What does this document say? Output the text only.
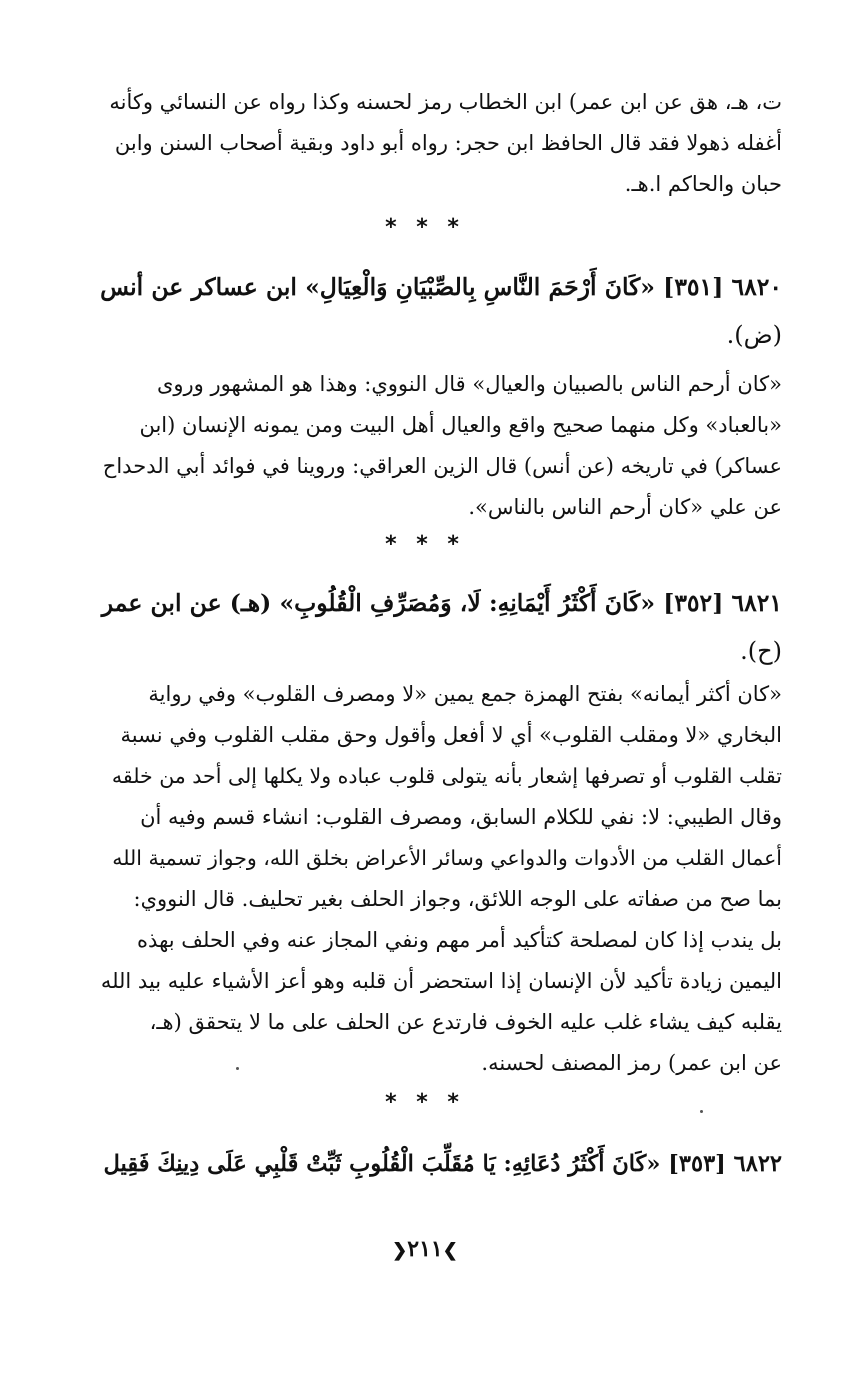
ت، هـ، هق عن ابن عمر) ابن الخطاب رمز لحسنه وكذا رواه عن النسائي وكأنه
أغفله ذهولا فقد قال الحافظ ابن حجر: رواه أبو داود وبقية أصحاب السنن وابن
حبان والحاكم ا.هـ.
* * *
٦٨٢٠ [٣٥١] «كَانَ أَرْحَمَ النَّاسِ بِالصِّبْيَانِ وَالْعِيَالِ» ابن عساكر عن أنس
(ض).
«كان أرحم الناس بالصبيان والعيال» قال النووي: وهذا هو المشهور وروى
«بالعباد» وكل منهما صحيح واقع والعيال أهل البيت ومن يمونه الإنسان (ابن
عساكر) في تاريخه (عن أنس) قال الزين العراقي: وروينا في فوائد أبي الدحداح
عن علي «كان أرحم الناس بالناس».
* * *
٦٨٢١ [٣٥٢] «كَانَ أَكْثَرُ أَيْمَانِهِ: لَا، وَمُصَرِّفِ الْقُلُوبِ» (هـ) عن ابن عمر
(ح).
«كان أكثر أيمانه» بفتح الهمزة جمع يمين «لا ومصرف القلوب» وفي رواية
البخاري «لا ومقلب القلوب» أي لا أفعل وأقول وحق مقلب القلوب وفي نسبة
تقلب القلوب أو تصرفها إشعار بأنه يتولى قلوب عباده ولا يكلها إلى أحد من خلقه
وقال الطيبي: لا: نفي للكلام السابق، ومصرف القلوب: انشاء قسم وفيه أن
أعمال القلب من الأدوات والدواعي وسائر الأعراض بخلق الله، وجواز تسمية الله
بما صح من صفاته على الوجه اللائق، وجواز الحلف بغير تحليف. قال النووي:
بل يندب إذا كان لمصلحة كتأكيد أمر مهم ونفي المجاز عنه وفي الحلف بهذه
اليمين زيادة تأكيد لأن الإنسان إذا استحضر أن قلبه وهو أعز الأشياء عليه بيد الله
يقلبه كيف يشاء غلب عليه الخوف فارتدع عن الحلف على ما لا يتحقق (هـ،
عن ابن عمر) رمز المصنف لحسنه.
* * *
٦٨٢٢ [٣٥٣] «كَانَ أَكْثَرُ دُعَائِهِ: يَا مُقَلِّبَ الْقُلُوبِ ثَبِّتْ قَلْبِي عَلَى دِينِكَ فَقِيل
❯٢١١❮
